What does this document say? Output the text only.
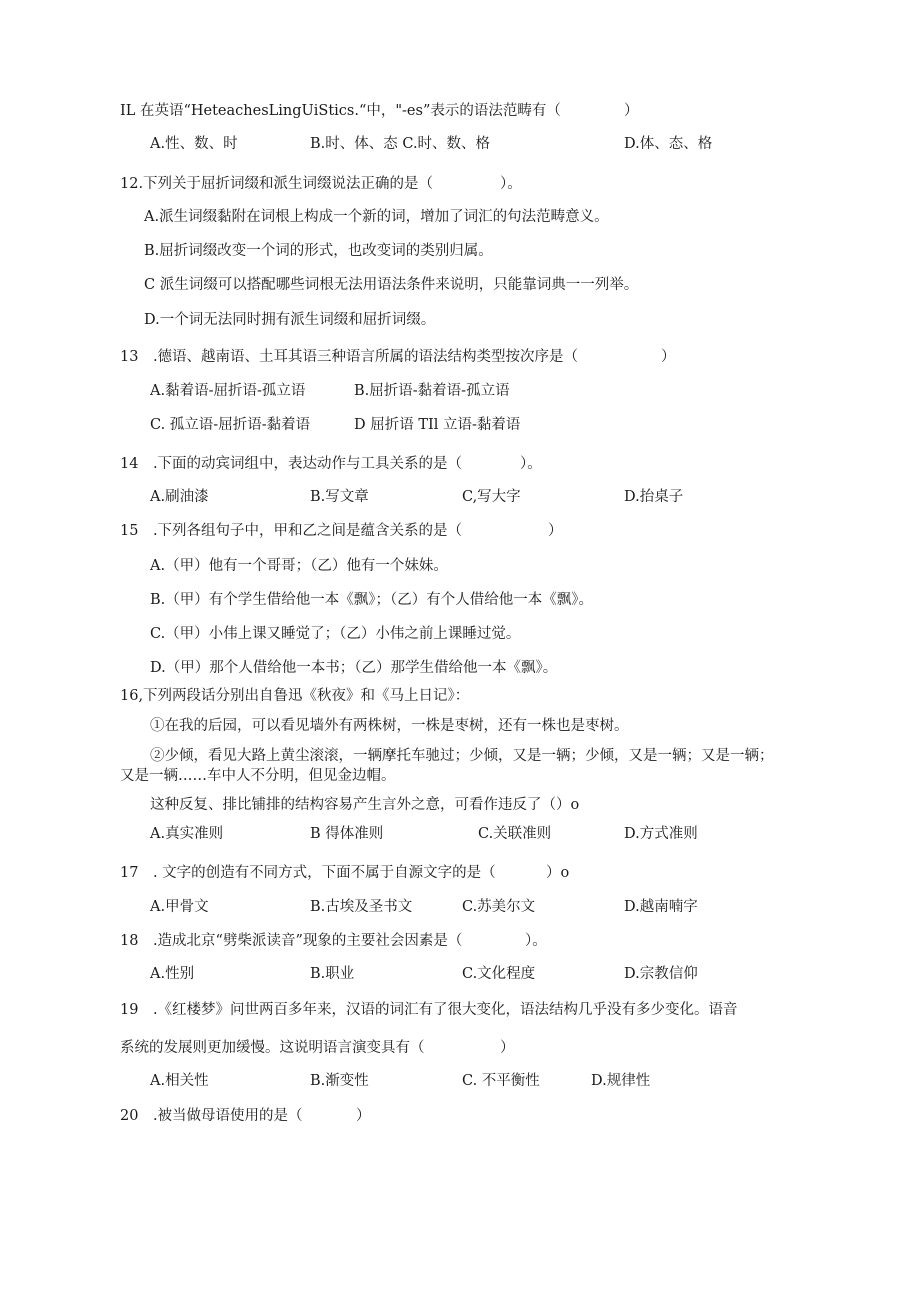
IL 在英语“HeteachesLingUiStics.“中，"-es”表示的语法范畴有（	）
A.性、数、时	B.时、体、态 C.时、数、格	D.体、态、格
12.下列关于屈折词缀和派生词缀说法正确的是（	）。
A.派生词缀黏附在词根上构成一个新的词，增加了词汇的句法范畴意义。
B.屈折词缀改变一个词的形式，也改变词的类别归属。
C 派生词缀可以搭配哪些词根无法用语法条件来说明，只能靠词典一一列举。
D.一个词无法同时拥有派生词缀和屈折词缀。
13　.德语、越南语、土耳其语三种语言所属的语法结构类型按次序是（	）
A.黏着语-屈折语-孤立语	B.屈折语-黏着语-孤立语
C. 孤立语-屈折语-黏着语	D 屈折语 TIl 立语-黏着语
14　.下面的动宾词组中，表达动作与工具关系的是（	）。
A.刷油漆	B.写文章	C,写大字	D.抬桌子
15　.下列各组句子中，甲和乙之间是蕴含关系的是（	）
A.（甲）他有一个哥哥；（乙）他有一个妹妹。
B.（甲）有个学生借给他一本《飘》；（乙）有个人借给他一本《飘》。
C.（甲）小伟上课又睡觉了；（乙）小伟之前上课睡过觉。
D.（甲）那个人借给他一本书；（乙）那学生借给他一本《飘》。
16,下列两段话分别出自鲁迅《秋夜》和《马上日记》：
①在我的后园，可以看见墙外有两株树，一株是枣树，还有一株也是枣树。
②少倾，看见大路上黄尘滚滚，一辆摩托车驰过；少倾，又是一辆；少倾，又是一辆；又是一辆；
又是一辆……车中人不分明，但见金边帽。
这种反复、排比铺排的结构容易产生言外之意，可看作违反了（）o
A.真实准则	B 得体准则	C.关联准则	D.方式准则
17　. 文字的创造有不同方式，下面不属于自源文字的是（	）o
A.甲骨文	B.古埃及圣书文	C.苏美尔文	D.越南喃字
18　.造成北京“劈柴派读音”现象的主要社会因素是（	）。
A.性别	B.职业	C.文化程度	D.宗教信仰
19　.《红楼梦》问世两百多年来，汉语的词汇有了很大变化，语法结构几乎没有多少变化。语音
系统的发展则更加缓慢。这说明语言演变具有（	）
A.相关性	B.渐变性	C. 不平衡性	D.规律性
20　.被当做母语使用的是（	）
